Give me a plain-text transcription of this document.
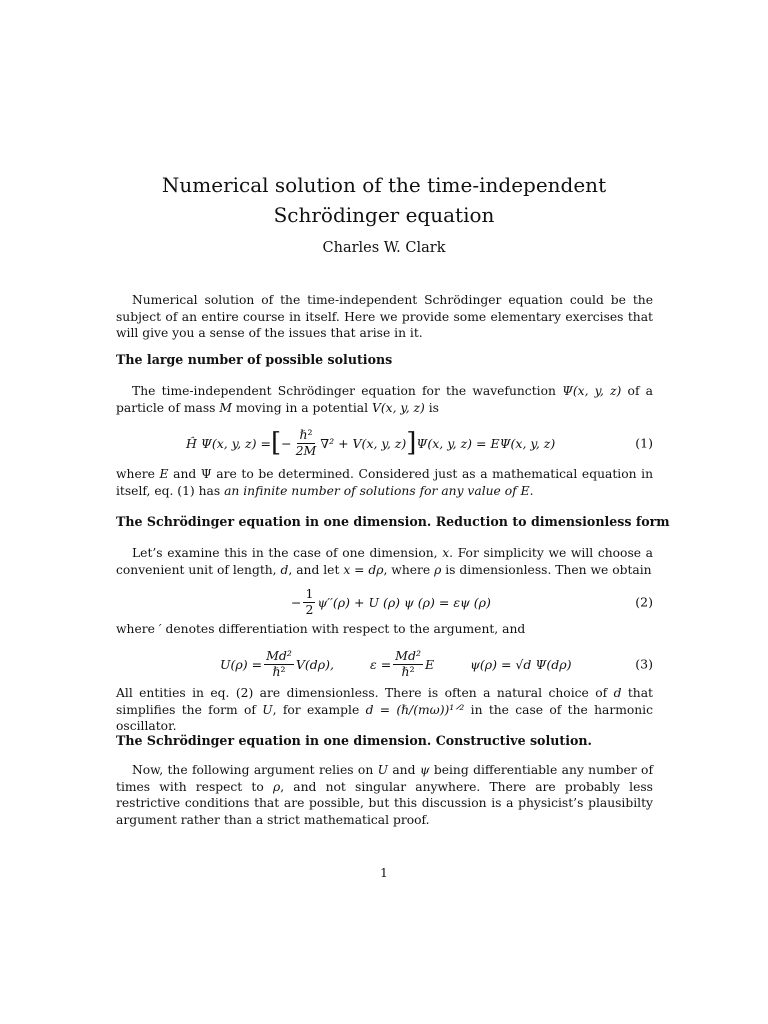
Numerical solution of the time-independent Schrödinger equation
Charles W. Clark

Numerical solution of the time-independent Schrödinger equation could be the subject of an entire course in itself. Here we provide some elementary exercises that will give you a sense of the issues that arise in it.

The large number of possible solutions

The time-independent Schrödinger equation for the wavefunction Ψ(x, y, z) of a particle of mass M moving in a potential V(x, y, z) is

Ĥ Ψ(x, y, z) = [ − $\frac{\text{ℏ²}}{2M} \nabla^2 + V(x$, y, z) ] Ψ(x, y, z) = EΨ(x, y, z)	(1)

where E and Ψ are to be determined. Considered just as a mathematical equation in itself, eq. (1) has an infinite number of solutions for any value of E.

The Schrödinger equation in one dimension. Reduction to dimensionless form

Let’s examine this in the case of one dimension, x. For simplicity we will choose a convenient unit of length, d, and let x = dρ, where ρ is dimensionless. Then we obtain

− $\frac{1}{2} \psi''(\rho) + U$ (ρ) ψ (ρ) = εψ (ρ)	(2)

where ′ denotes differentiation with respect to the argument, and

$U(\rho) = \frac{\text{Md²}}{\text{ℏ²}} V(d\rho)$,	$\varepsilon = \frac{\text{Md²}}{\text{ℏ²}}$ E	ψ(ρ) = √d Ψ(dρ)	(3)

All entities in eq. (2) are dimensionless. There is often a natural choice of d that simplifies the form of U, for example d = (ℏ/(mω))¹ᐟ² in the case of the harmonic oscillator.

The Schrödinger equation in one dimension. Constructive solution.

Now, the following argument relies on U and ψ being differentiable any number of times with respect to ρ, and not singular anywhere. There are probably less restrictive conditions that are possible, but this discussion is a physicist’s plausibilty argument rather than a strict mathematical proof.

1
